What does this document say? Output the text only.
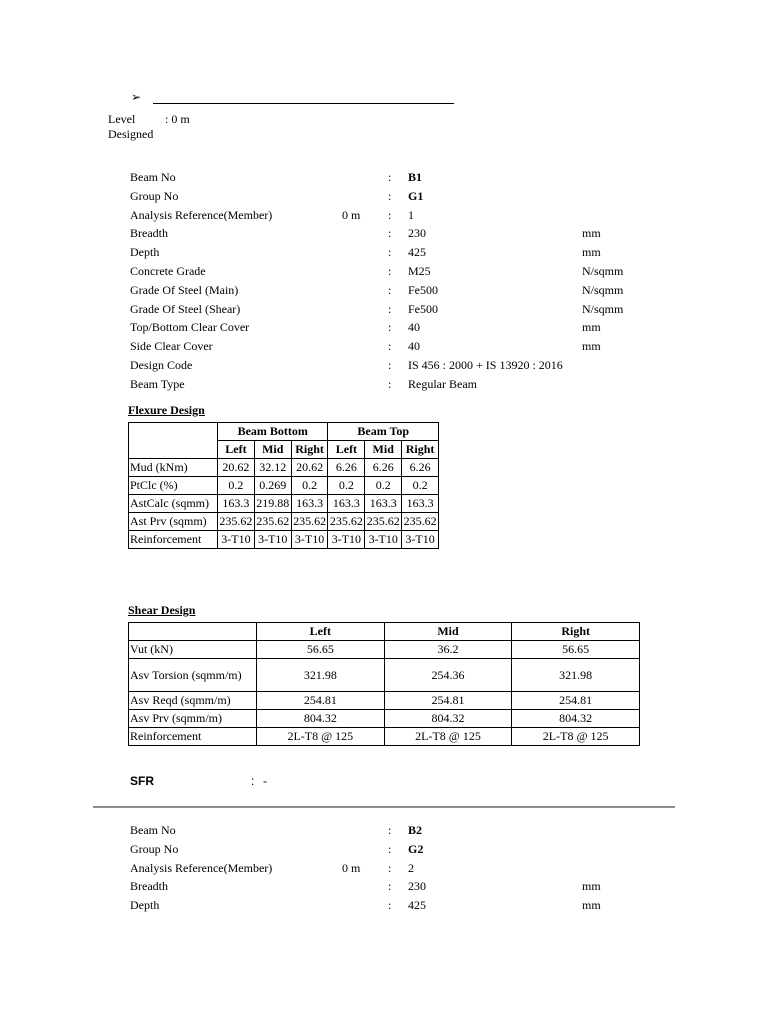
➢
Level : 0 m
Designed
Beam No	: B1
Group No	: G1
Analysis Reference(Member)	0 m : 1
Breadth	: 230	mm
Depth	: 425	mm
Concrete Grade	: M25	N/sqmm
Grade Of Steel (Main)	: Fe500	N/sqmm
Grade Of Steel (Shear)	: Fe500	N/sqmm
Top/Bottom Clear Cover	: 40	mm
Side Clear Cover	: 40	mm
Design Code	: IS 456 : 2000 + IS 13920 : 2016
Beam Type	: Regular Beam
Flexure Design
	Beam Bottom			Beam Top		
	Left	Mid	Right	Left	Mid	Right
Mud (kNm)	20.62	32.12	20.62	6.26	6.26	6.26
PtClc (%)	0.2	0.269	0.2	0.2	0.2	0.2
AstCalc (sqmm)	163.3	219.88	163.3	163.3	163.3	163.3
Ast Prv (sqmm)	235.62	235.62	235.62	235.62	235.62	235.62
Reinforcement	3-T10	3-T10	3-T10	3-T10	3-T10	3-T10
Shear Design
	Left	Mid	Right
Vut (kN)	56.65	36.2	56.65
Asv Torsion (sqmm/m)	321.98	254.36	321.98
Asv Reqd (sqmm/m)	254.81	254.81	254.81
Asv Prv (sqmm/m)	804.32	804.32	804.32
Reinforcement	2L-T8 @ 125	2L-T8 @ 125	2L-T8 @ 125
SFR	: -
Beam No	: B2
Group No	: G2
Analysis Reference(Member)	0 m : 2
Breadth	: 230	mm
Depth	: 425	mm
